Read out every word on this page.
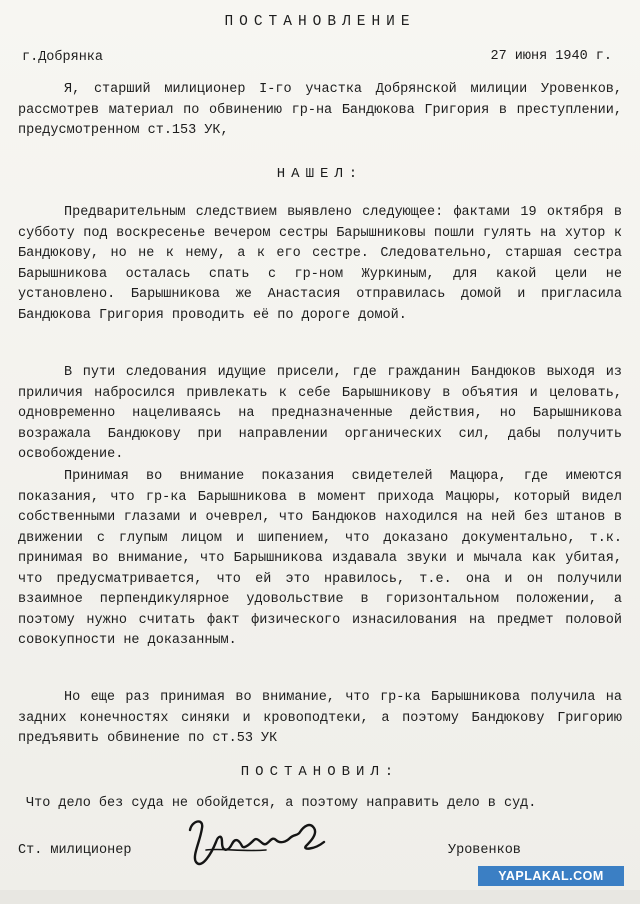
ПОСТАНОВЛЕНИЕ
г.Добрянка	27 июня 1940 г.

Я, старший милиционер I-го участка Добрянской милиции Уровенков, рассмотрев материал по обвинению гр-на Бандюкова Григория в преступлении, предусмотренном ст.153 УК,

НАШЕЛ:

Предварительным следствием выявлено следующее: фактами 19 октября в субботу под воскресенье вечером сестры Барышниковы пошли гулять на хутор к Бандюкову, но не к нему, а к его сестре. Следовательно, старшая сестра Барышникова осталась спать с гр-ном Журкиным, для какой цели не установлено. Барышникова же Анастасия отправилась домой и пригласила Бандюкова Григория проводить её по дороге домой.

В пути следования идущие присели, где гражданин Бандюков выходя из приличия набросился привлекать к себе Барышникову в объятия и целовать, одновременно нацеливаясь на предназначенные действия, но Барышникова возражала Бандюкову при направлении органических сил, дабы получить освобождение.

Принимая во внимание показания свидетелей Мацюра, где имеются показания, что гр-ка Барышникова в момент прихода Мацюры, который видел собственными глазами и очеврел, что Бандюков находился на ней без штанов в движении с глупым лицом и шипением, что доказано документально, т.к. принимая во внимание, что Барышникова издавала звуки и мычала как убитая, что предусматривается, что ей это нравилось, т.е. она и он получили взаимное перпендикулярное удовольствие в горизонтальном положении, а поэтому нужно считать факт физического изнасилования на предмет половой совокупности не доказанным.

Но еще раз принимая во внимание, что гр-ка Барышникова получила на задних конечностях синяки и кровоподтеки, а поэтому Бандюкову Григорию предъявить обвинение по ст.53 УК

ПОСТАНОВИЛ:
Что дело без суда не обойдется, а поэтому направить дело в суд.
Ст. милиционер	Уровенков
YAPLAKAL.COM
